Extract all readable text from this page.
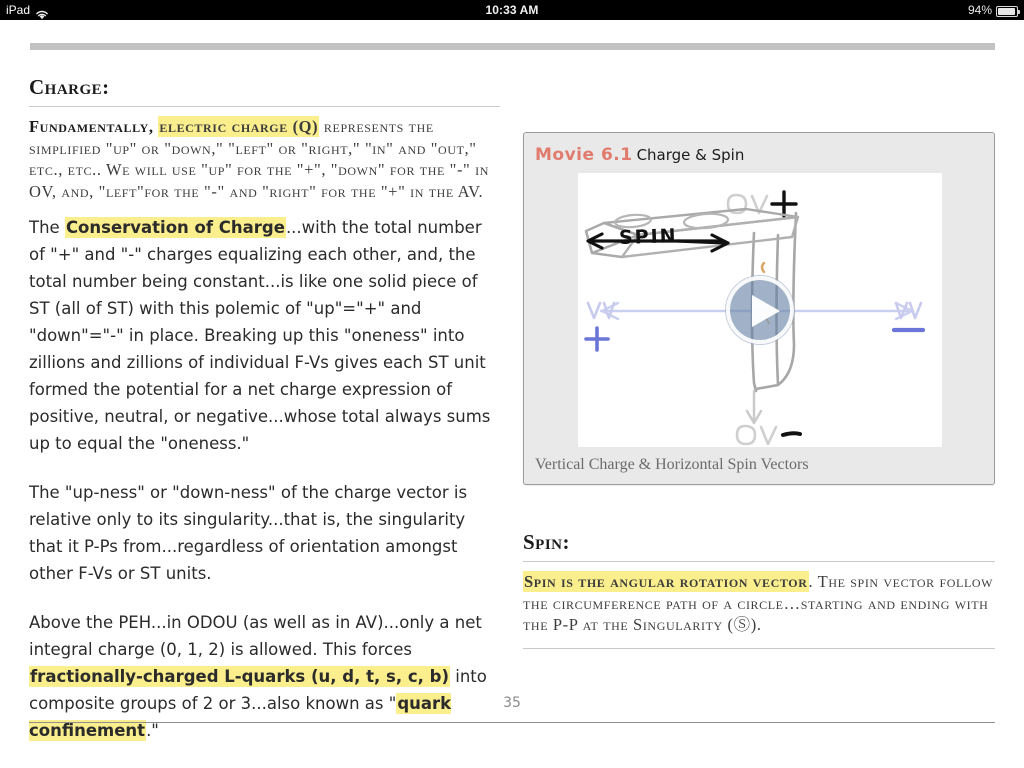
iPad	10:33 AM	94%
Charge:

Fundamentally, electric charge (Q) represents the simplified "up" or "down," "left" or "right," "in" and "out," etc., etc.. We will use "up" for the "+", "down" for the "-" in OV, and, "left"for the "-" and "right" for the "+" in the AV.

The Conservation of Charge...with the total number of "+" and "-" charges equalizing each other, and, the total number being constant...is like one solid piece of ST (all of ST) with this polemic of "up"="+" and "down"="-" in place. Breaking up this "oneness" into zillions and zillions of individual F-Vs gives each ST unit formed the potential for a net charge expression of positive, neutral, or negative...whose total always sums up to equal the "oneness."

The "up-ness" or "down-ness" of the charge vector is relative only to its singularity...that is, the singularity that it P-Ps from...regardless of orientation amongst other F-Vs or ST units.

Above the PEH...in ODOU (as well as in AV)...only a net integral charge (0, 1, 2) is allowed. This forces fractionally-charged L-quarks (u, d, t, s, c, b) into composite groups of 2 or 3...also known as "quark confinement."

Movie 6.1 Charge & Spin
SPIN
Vertical Charge & Horizontal Spin Vectors
Spin:

Spin is the angular rotation vector. The spin vector follow the circumference path of a circle…starting and ending with the P-P at the Singularity (Ⓢ).

35
